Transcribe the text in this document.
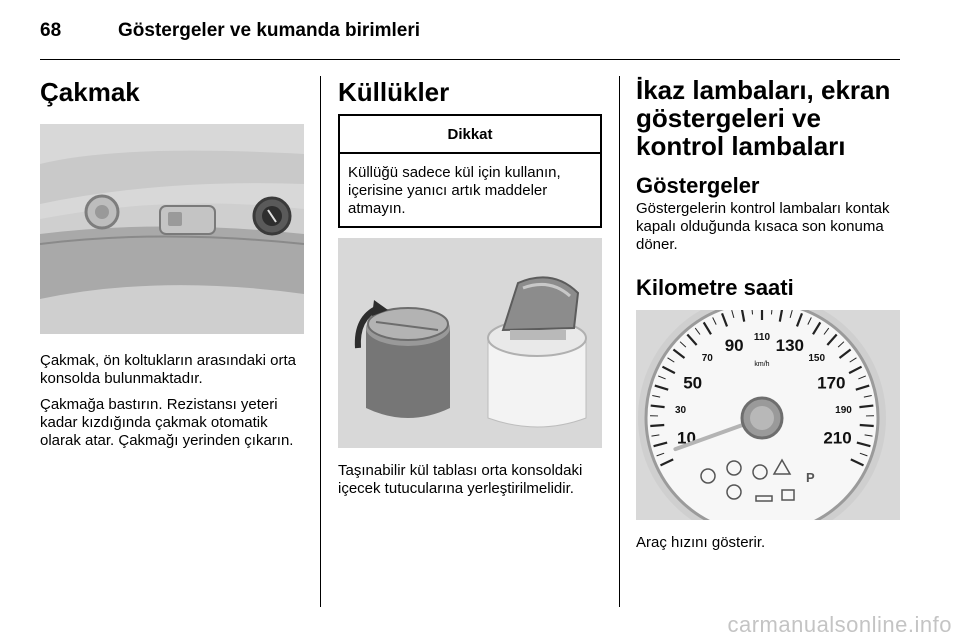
68	Göstergeler ve kumanda birimleri
Çakmak

Çakmak, ön koltukların arasındaki orta konsolda bulunmaktadır.

Çakmağa bastırın. Rezistansı yeteri kadar kızdığında çakmak otomatik olarak atar. Çakmağı yerinden çıkarın.

Küllükler
Dikkat
Küllüğü sadece kül için kullanın, içerisine yanıcı artık maddeler atmayın.

Taşınabilir kül tablası orta konsoldaki içecek tutucularına yerleştirilmelidir.

İkaz lambaları, ekran göstergeleri ve kontrol lambaları
Göstergeler

Göstergelerin kontrol lambaları kontak kapalı olduğunda kısaca son konuma döner.

Kilometre saati
10
30
50
70
90 110 130
150
170
190
210
km/h
P

Araç hızını gösterir.

carmanualsonline.info
